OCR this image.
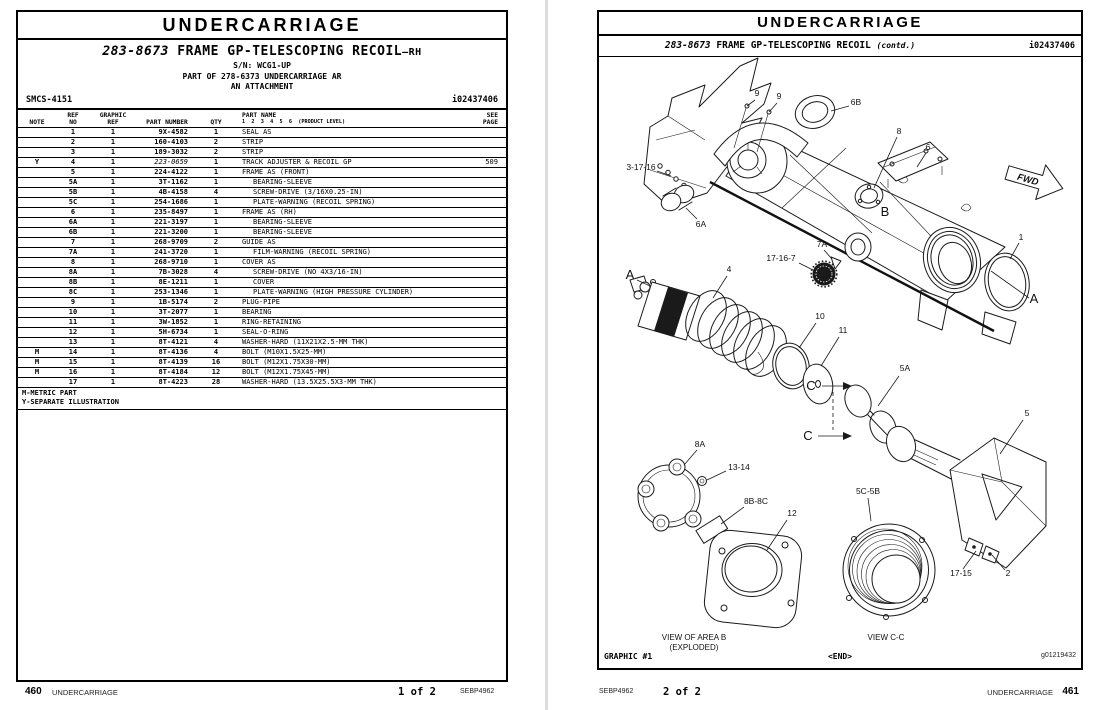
UNDERCARRIAGE
283-8673 FRAME GP-TELESCOPING RECOIL–RH
S/N: WCG1-UP
PART OF 278-6373 UNDERCARRIAGE AR
AN ATTACHMENT
SMCS-4151	i02437406
NOTE
REF
NO
GRAPHIC
REF	PART NUMBER	QTY
PART NAME
1  2  3  4  5  6  (PRODUCT LEVEL)
SEE
PAGE
1	1	9X-4582	1	SEAL AS
2	1	160-4103	2	STRIP
3	1	189-3032	2	STRIP
Y	4	1	223-0659	1	TRACK ADJUSTER & RECOIL GP	509
5	1	224-4122	1	FRAME AS (FRONT)
5A	1	3T-1162	1	BEARING-SLEEVE
5B	1	4B-4158	4	SCREW-DRIVE (3/16X0.25-IN)
5C	1	254-1686	1	PLATE-WARNING (RECOIL SPRING)
6	1	235-8497	1	FRAME AS (RH)
6A	1	221-3197	1	BEARING-SLEEVE
6B	1	221-3200	1	BEARING-SLEEVE
7	1	268-9709	2	GUIDE AS
7A	1	241-3720	1	FILM-WARNING (RECOIL SPRING)
8	1	268-9710	1	COVER AS
8A	1	7B-3028	4	SCREW-DRIVE (NO 4X3/16-IN)
8B	1	8E-1211	1	COVER
8C	1	253-1346	1	PLATE-WARNING (HIGH PRESSURE CYLINDER)
9	1	1B-5174	2	PLUG-PIPE
10	1	3T-2077	1	BEARING
11	1	3W-1852	1	RING-RETAINING
12	1	5H-6734	1	SEAL-O-RING
13	1	8T-4121	4	WASHER-HARD (11X21X2.5-MM THK)
M	14	1	8T-4136	4	BOLT (M10X1.5X25-MM)
M	15	1	8T-4139	16	BOLT (M12X1.75X30-MM)
M	16	1	8T-4184	12	BOLT (M12X1.75X45-MM)
17	1	8T-4223	28	WASHER-HARD (13.5X25.5X3-MM THK)
M-METRIC PART
Y-SEPARATE ILLUSTRATION
460 UNDERCARRIAGE	1 of 2	SEBP4962
FWD
9 9
6B
8
6
3-17-16
6A
B
7A
17-16-7
1
A	4
A
10
11
C
5A
C
5
8A
13-14
8B-8C
12
5C-5B
17-15	2
VIEW OF AREA B
(EXPLODED)
VIEW C-C
UNDERCARRIAGE
283-8673 FRAME GP-TELESCOPING RECOIL (contd.)	i02437406
GRAPHIC #1	<END>	g01219432
SEBP4962	2 of 2	UNDERCARRIAGE 461
